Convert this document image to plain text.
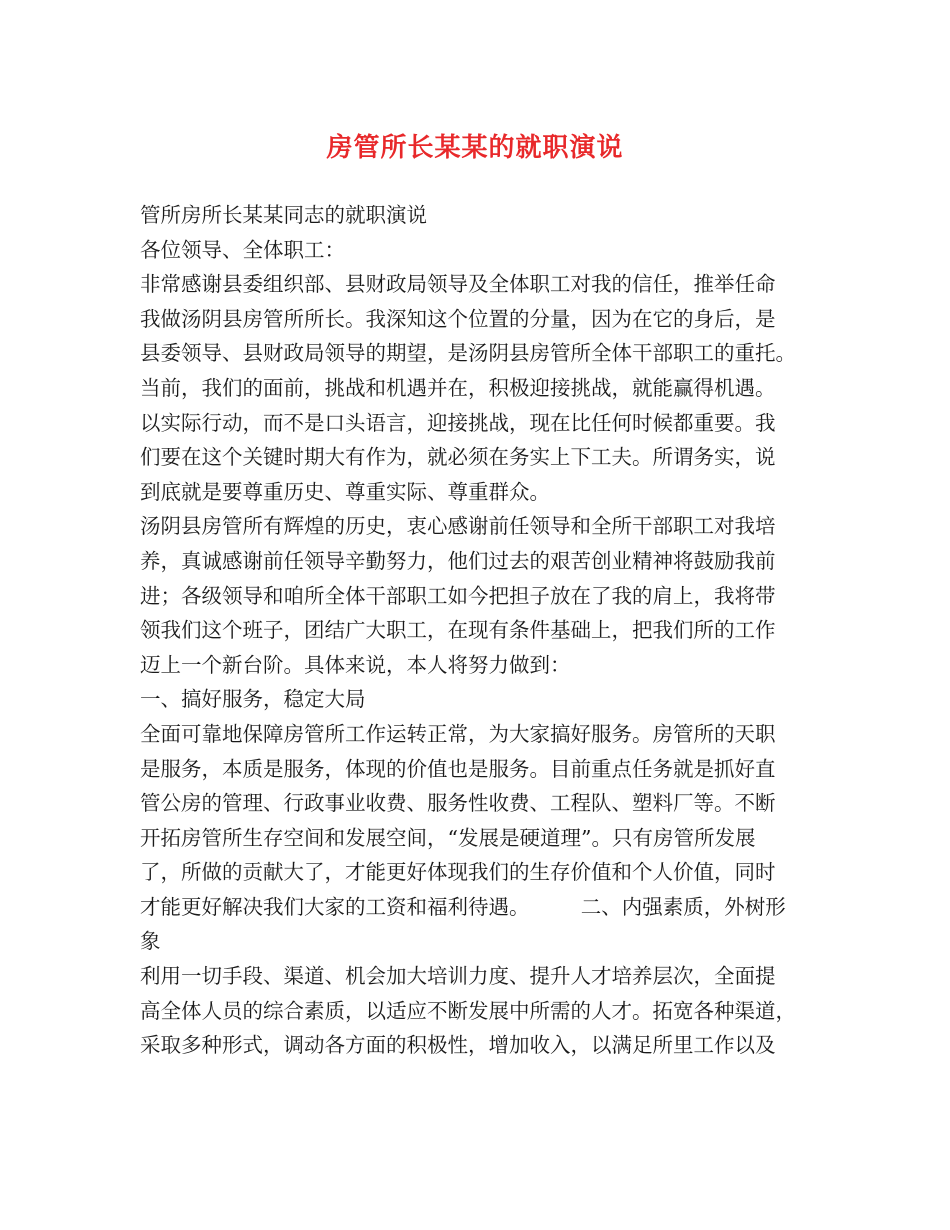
房管所长某某的就职演说
管所房所长某某同志的就职演说
各位领导、全体职工：
非常感谢县委组织部、县财政局领导及全体职工对我的信任，推举任命
我做汤阴县房管所所长。我深知这个位置的分量，因为在它的身后，是
县委领导、县财政局领导的期望，是汤阴县房管所全体干部职工的重托。
当前，我们的面前，挑战和机遇并在，积极迎接挑战，就能赢得机遇。
以实际行动，而不是口头语言，迎接挑战，现在比任何时候都重要。我
们要在这个关键时期大有作为，就必须在务实上下工夫。所谓务实，说
到底就是要尊重历史、尊重实际、尊重群众。
汤阴县房管所有辉煌的历史，衷心感谢前任领导和全所干部职工对我培
养，真诚感谢前任领导辛勤努力，他们过去的艰苦创业精神将鼓励我前
进；各级领导和咱所全体干部职工如今把担子放在了我的肩上，我将带
领我们这个班子，团结广大职工，在现有条件基础上，把我们所的工作
迈上一个新台阶。具体来说，本人将努力做到：
一、搞好服务，稳定大局
全面可靠地保障房管所工作运转正常，为大家搞好服务。房管所的天职
是服务，本质是服务，体现的价值也是服务。目前重点任务就是抓好直
管公房的管理、行政事业收费、服务性收费、工程队、塑料厂等。不断
开拓房管所生存空间和发展空间，“发展是硬道理”。只有房管所发展
了，所做的贡献大了，才能更好体现我们的生存价值和个人价值，同时
才能更好解决我们大家的工资和福利待遇。　　　二、内强素质，外树形
象
利用一切手段、渠道、机会加大培训力度、提升人才培养层次，全面提
高全体人员的综合素质，以适应不断发展中所需的人才。拓宽各种渠道，
采取多种形式，调动各方面的积极性，增加收入，以满足所里工作以及
